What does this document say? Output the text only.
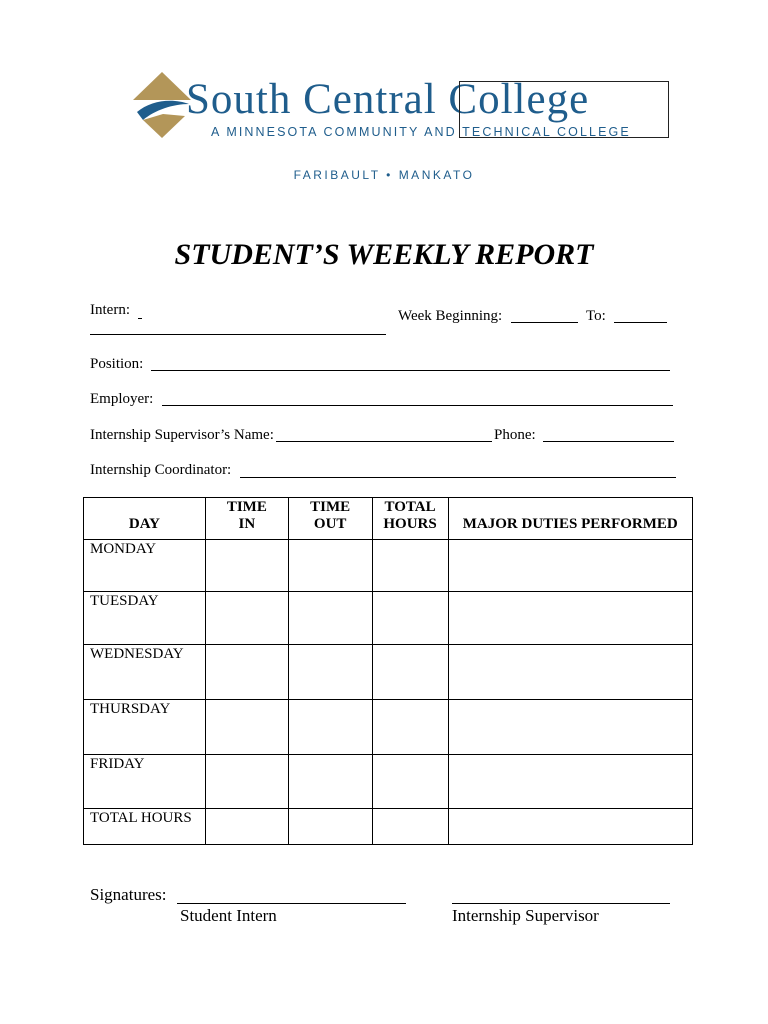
South Central College
A MINNESOTA COMMUNITY AND TECHNICAL COLLEGE
FARIBAULT • MANKATO
STUDENT’S WEEKLY REPORT
Intern:	Week Beginning:	To:
Position:
Employer:
Internship Supervisor’s Name:	Phone:
Internship Coordinator:
DAY	TIME IN	TIME OUT	TOTAL HOURS	MAJOR DUTIES PERFORMED
MONDAY				
TUESDAY				
WEDNESDAY				
THURSDAY				
FRIDAY				
TOTAL HOURS				
Signatures:
Student Intern	Internship Supervisor
